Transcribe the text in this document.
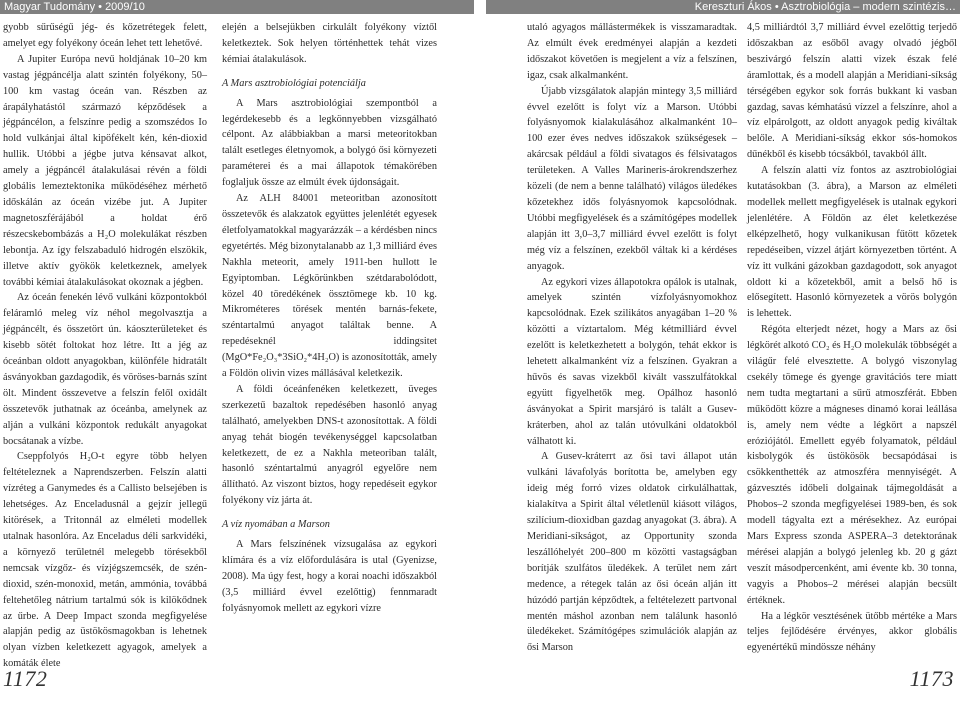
Magyar Tudomány • 2009/10	Kereszturi Ákos • Asztrobiológia – modern szintézis…

gyobb sűrűségű jég- és kőzetrétegek felett, amelyet egy folyékony óceán lehet tett lehetővé.

A Jupiter Európa nevű holdjának 10–20 km vastag jégpáncélja alatt szintén folyékony, 50–100 km vastag óceán van. Részben az árapályhatástól származó képződések a jégpáncélon, a felszínre pedig a szomszédos Io hold vulkánjai által kipöfékelt kén, kén-dioxid hullik. Utóbbi a jégbe jutva kénsavat alkot, amely a jégpáncél átalakulásai révén a földi globális lemeztektonika működéséhez mérhető időskálán az óceán vizébe jut. A Jupiter magnetoszférájából a holdat érő részecskebombázás a H₂O molekulákat részben lebontja. Az így felszabaduló hidrogén elszökik, illetve aktív gyökök keletkeznek, amelyek további kémiai átalakulásokat okoznak a jégben.

Az óceán fenekén lévő vulkáni központokból feláramló meleg víz néhol megolvasztja a jégpáncélt, és összetört ún. káoszterületeket és kisebb sötét foltokat hoz létre. Itt a jég az óceánban oldott anyagokban, különféle hidratált ásványokban gazdagodik, és vöröses-barnás színt ölt. Mindent összevetve a felszín felől oxidált összetevők juthatnak az óceánba, amelynek az alján a vulkáni központok redukált anyagokat bocsátanak a vízbe.

Cseppfolyós H₂O-t egyre több helyen feltételeznek a Naprendszerben. Felszín alatti vízréteg a Ganymedes és a Callisto belsejében is lehetséges. Az Enceladusnál a gejzír jellegű kitörések, a Tritonnál az elméleti modellek utalnak hasonlóra. Az Enceladus déli sarkvidéki, a környező területnél melegebb törésekből nemcsak vízgőz- és vízjégszemcsék, de szén-dioxid, szén-monoxid, metán, ammónia, továbbá feltehetőleg nátrium tartalmú sók is kilökődnek az űrbe. A Deep Impact szonda megfigyelése alapján pedig az üstökösmagokban is lehetnek olyan vízben keletkezett agyagok, amelyek a komáták élete

elején a belsejükben cirkulált folyékony víztől keletkeztek. Sok helyen történhettek tehát vizes kémiai átalakulások.

A Mars asztrobiológiai potenciálja

A Mars asztrobiológiai szempontból a legérdekesebb és a legkönnyebben vizsgálható célpont. Az alábbiakban a marsi meteoritokban talált esetleges életnyomok, a bolygó ősi környezeti paraméterei és a mai állapotok témakörében foglaljuk össze az elmúlt évek újdonságait.

Az ALH 84001 meteoritban azonosított összetevők és alakzatok együttes jelenlétét egyesek életfolyamatokkal magyarázzák – a kérdésben nincs egyetértés. Még bizonytalanabb az 1,3 milliárd éves Nakhla meteorit, amely 1911-ben hullott le Egyiptomban. Légkörünkben szétdarabolódott, közel 40 töredékének össztömege kb. 10 kg. Mikrométeres törések mentén barnás-fekete, széntartalmú anyagot találtak benne. A repedéseknél iddingsitet (MgO*Fe₂O₃*3SiO₂*4H₂O) is azonosították, amely a Földön olivin vizes mállásával keletkezik.

A földi óceánfenéken keletkezett, üveges szerkezetű bazaltok repedésében hasonló anyag található, amelyekben DNS-t azonosítottak. A földi anyag tehát biogén tevékenységgel kapcsolatban keletkezett, de ez a Nakhla meteoriban talált, hasonló széntartalmú anyagról egyelőre nem állítható. Az viszont biztos, hogy repedéseit egykor folyékony víz járta át.

A víz nyomában a Marson

A Mars felszínének vízsugalása az egykori klímára és a víz előfordulására is utal (Gyenizse, 2008). Ma úgy fest, hogy a korai noachi időszakból (3,5 milliárd évvel ezelőttig) fennmaradt folyásnyomok mellett az egykori vízre

utaló agyagos mállástermékek is visszamaradtak. Az elmúlt évek eredményei alapján a kezdeti időszakot követően is megjelent a víz a felszínen, igaz, csak alkalmanként.

Újabb vizsgálatok alapján mintegy 3,5 milliárd évvel ezelőtt is folyt víz a Marson. Utóbbi folyásnyomok kialakulásához alkalmanként 10–100 ezer éves nedves időszakok szükségesek – akárcsak például a földi sivatagos és félsivatagos területeken. A Valles Marineris-árokrendszerhez közeli (de nem a benne található) világos üledékes kőzetekhez idős folyásnyomok kapcsolódnak. Utóbbi megfigyelések és a számítógépes modellek alapján itt 3,0–3,7 milliárd évvel ezelőtt is folyt még víz a felszínen, ezekből váltak ki a kérdéses anyagok.

Az egykori vizes állapotokra opálok is utalnak, amelyek szintén vízfolyásnyomokhoz kapcsolódnak. Ezek szilikátos anyagában 1–20 % közötti a víztartalom. Még kétmilliárd évvel ezelőtt is keletkezhetett a bolygón, tehát ekkor is lehetett alkalmanként víz a felszínen. Gyakran a hűvös és savas vizekből kivált vasszulfátokkal együtt figyelhetők meg. Opálhoz hasonló ásványokat a Spirit marsjáró is talált a Gusev-kráterben, ahol az talán utóvulkáni oldatokból válhatott ki.

A Gusev-kráterrt az ősi tavi állapot után vulkáni lávafolyás borította be, amelyben egy ideig még forró vizes oldatok cirkulálhattak, kialakítva a Spirit által véletlenül kiásott világos, szilícium-dioxidban gazdag anyagokat (3. ábra). A Meridiani-síkságot, az Opportunity szonda leszállóhelyét 200–800 m közötti vastagságban borítják szulfátos üledékek. A terület nem zárt medence, a rétegek talán az ősi óceán alján itt húzódó partján képződtek, a feltételezett partvonal mentén máshol azonban nem találunk hasonló üledékeket. Számítógépes szimulációk alapján az ősi Marson

4,5 milliárdtól 3,7 milliárd évvel ezelőttig terjedő időszakban az esőből avagy olvadó jégből beszivárgó felszín alatti vizek észak felé áramlottak, és a modell alapján a Meridiani-síkság térségében egykor sok forrás bukkant ki vasban gazdag, savas kémhatású vízzel a felszínre, ahol a víz elpárolgott, az oldott anyagok pedig kiváltak belőle. A Meridiani-síkság ekkor sós-homokos dűnékből és kisebb tócsákból, tavakból állt.

A felszín alatti víz fontos az asztrobiológiai kutatásokban (3. ábra), a Marson az elméleti modellek mellett megfigyelések is utalnak egykori jelenlétére. A Földön az élet keletkezése elképzelhető, hogy vulkanikusan fűtött kőzetek repedéseiben, vízzel átjárt környezetben történt. A víz itt vulkáni gázokban gazdagodott, sok anyagot oldott ki a kőzetekből, amit a belső hő is elősegített. Hasonló környezetek a vörös bolygón is lehettek.

Régóta elterjedt nézet, hogy a Mars az ősi légkörét alkotó CO₂ és H₂O molekulák többségét a világűr felé elvesztette. A bolygó viszonylag csekély tömege és gyenge gravitációs tere miatt nem tudta megtartani a sűrű atmoszférát. Ebben működött közre a mágneses dinamó korai leállása is, amely nem védte a légkört a napszél eróziójától. Emellett egyéb folyamatok, például kisbolygók és üstökösök becsapódásai is csökkenthették az atmoszféra mennyiségét. A gázvesztés időbeli dolgainak tájmegoldását a Phobos–2 szonda megfigyelései 1989-ben, és sok modell tágyalta ezt a mérésekhez. Az európai Mars Express szonda ASPERA–3 detektorának mérései alapján a bolygó jelenleg kb. 20 g gázt veszít másodpercenként, ami évente kb. 30 tonna, vagyis a Phobos–2 mérései alapján becsült értéknek.

Ha a légkör vesztésének ütőbb mértéke a Mars teljes fejlődésére érvényes, akkor globális egyenértékű mindössze néhány

1172	1173
